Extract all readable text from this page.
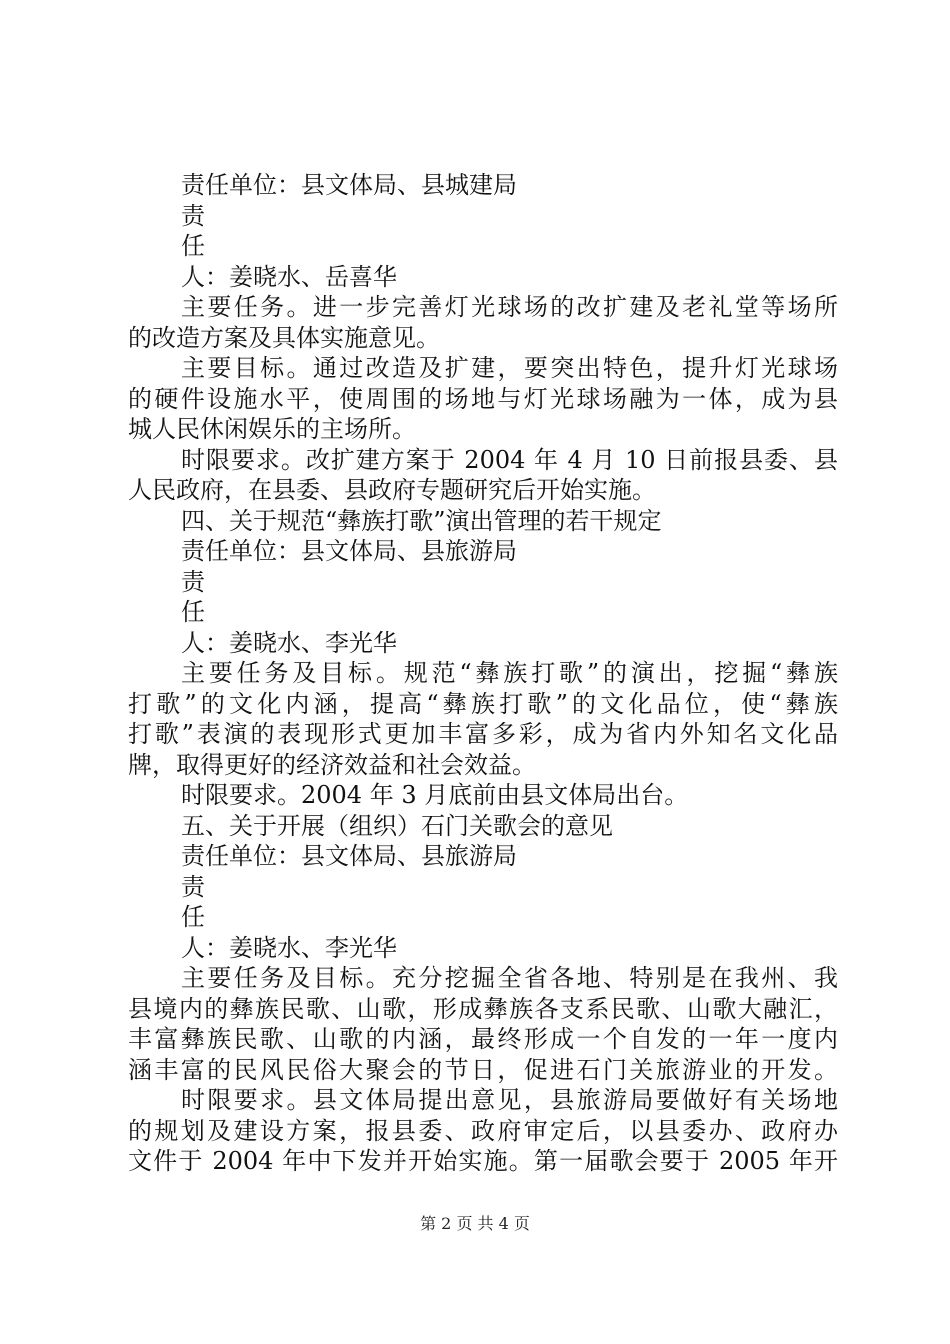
责任单位：县文体局、县城建局
责
任
人：姜晓水、岳喜华
主要任务。进一步完善灯光球场的改扩建及老礼堂等场所
的改造方案及具体实施意见。
主要目标。通过改造及扩建，要突出特色，提升灯光球场
的硬件设施水平，使周围的场地与灯光球场融为一体，成为县
城人民休闲娱乐的主场所。
时限要求。改扩建方案于 2004 年 4 月 10 日前报县委、县
人民政府，在县委、县政府专题研究后开始实施。
四、关于规范“彝族打歌”演出管理的若干规定
责任单位：县文体局、县旅游局
责
任
人：姜晓水、李光华
主要任务及目标。规范“彝族打歌”的演出，挖掘“彝族
打歌”的文化内涵，提高“彝族打歌”的文化品位，使“彝族
打歌”表演的表现形式更加丰富多彩，成为省内外知名文化品
牌，取得更好的经济效益和社会效益。
时限要求。2004 年 3 月底前由县文体局出台。
五、关于开展（组织）石门关歌会的意见
责任单位：县文体局、县旅游局
责
任
人：姜晓水、李光华
主要任务及目标。充分挖掘全省各地、特别是在我州、我
县境内的彝族民歌、山歌，形成彝族各支系民歌、山歌大融汇，
丰富彝族民歌、山歌的内涵，最终形成一个自发的一年一度内
涵丰富的民风民俗大聚会的节日，促进石门关旅游业的开发。
时限要求。县文体局提出意见，县旅游局要做好有关场地
的规划及建设方案，报县委、政府审定后，以县委办、政府办
文件于 2004 年中下发并开始实施。第一届歌会要于 2005 年开
第 2 页 共 4 页
